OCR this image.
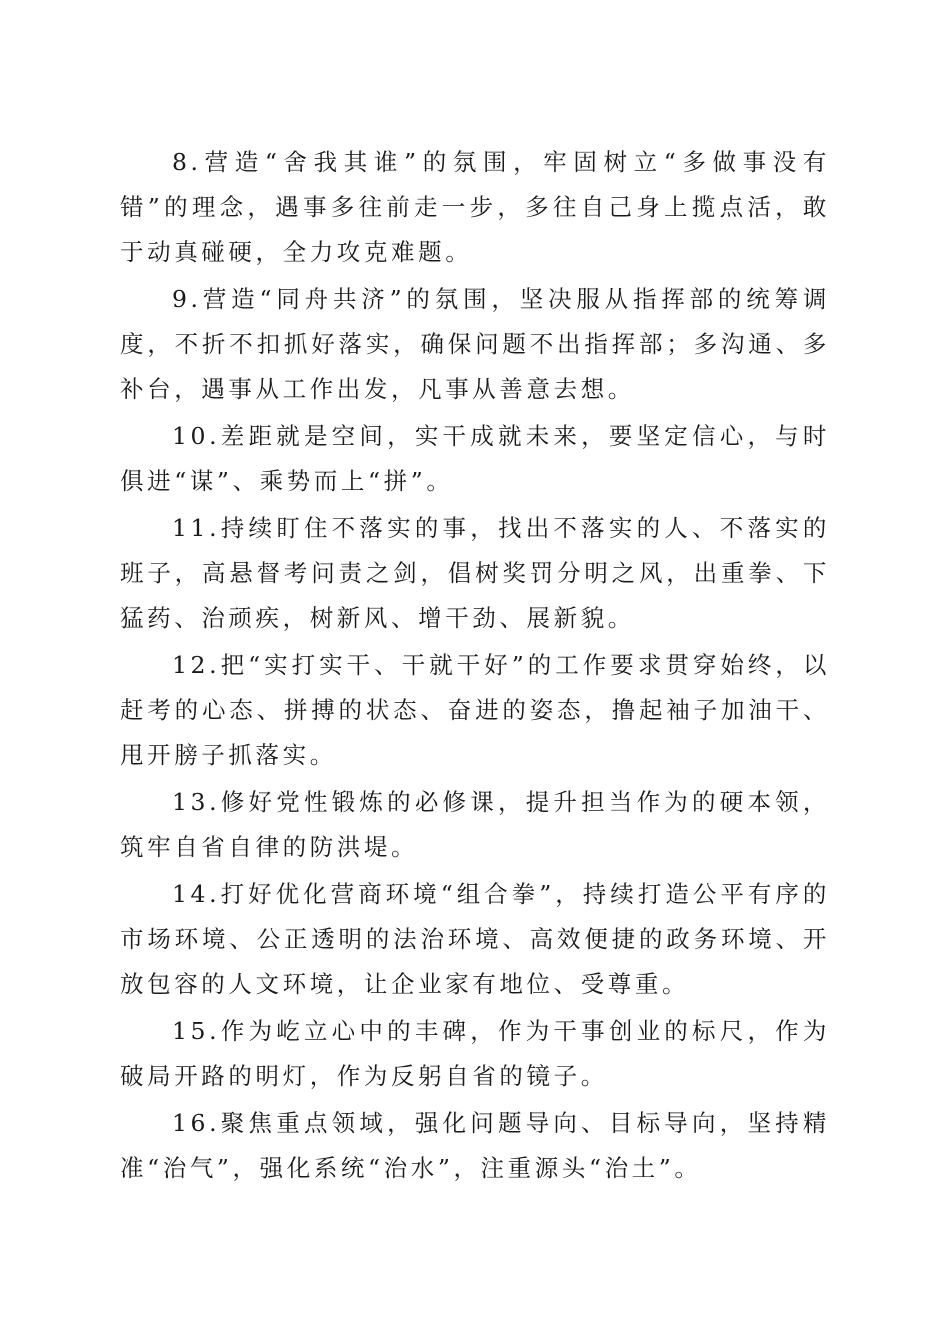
8.营造“舍我其谁”的氛围，牢固树立“多做事没有错”的理念，遇事多往前走一步，多往自己身上揽点活，敢于动真碰硬，全力攻克难题。

9.营造“同舟共济”的氛围，坚决服从指挥部的统筹调度，不折不扣抓好落实，确保问题不出指挥部；多沟通、多补台，遇事从工作出发，凡事从善意去想。

10.差距就是空间，实干成就未来，要坚定信心，与时俱进“谋”、乘势而上“拼”。

11.持续盯住不落实的事，找出不落实的人、不落实的班子，高悬督考问责之剑，倡树奖罚分明之风，出重拳、下猛药、治顽疾，树新风、增干劲、展新貌。

12.把“实打实干、干就干好”的工作要求贯穿始终，以赶考的心态、拼搏的状态、奋进的姿态，撸起袖子加油干、甩开膀子抓落实。

13.修好党性锻炼的必修课，提升担当作为的硬本领，筑牢自省自律的防洪堤。

14.打好优化营商环境“组合拳”，持续打造公平有序的市场环境、公正透明的法治环境、高效便捷的政务环境、开放包容的人文环境，让企业家有地位、受尊重。

15.作为屹立心中的丰碑，作为干事创业的标尺，作为破局开路的明灯，作为反躬自省的镜子。

16.聚焦重点领域，强化问题导向、目标导向，坚持精准“治气”，强化系统“治水”，注重源头“治土”。
